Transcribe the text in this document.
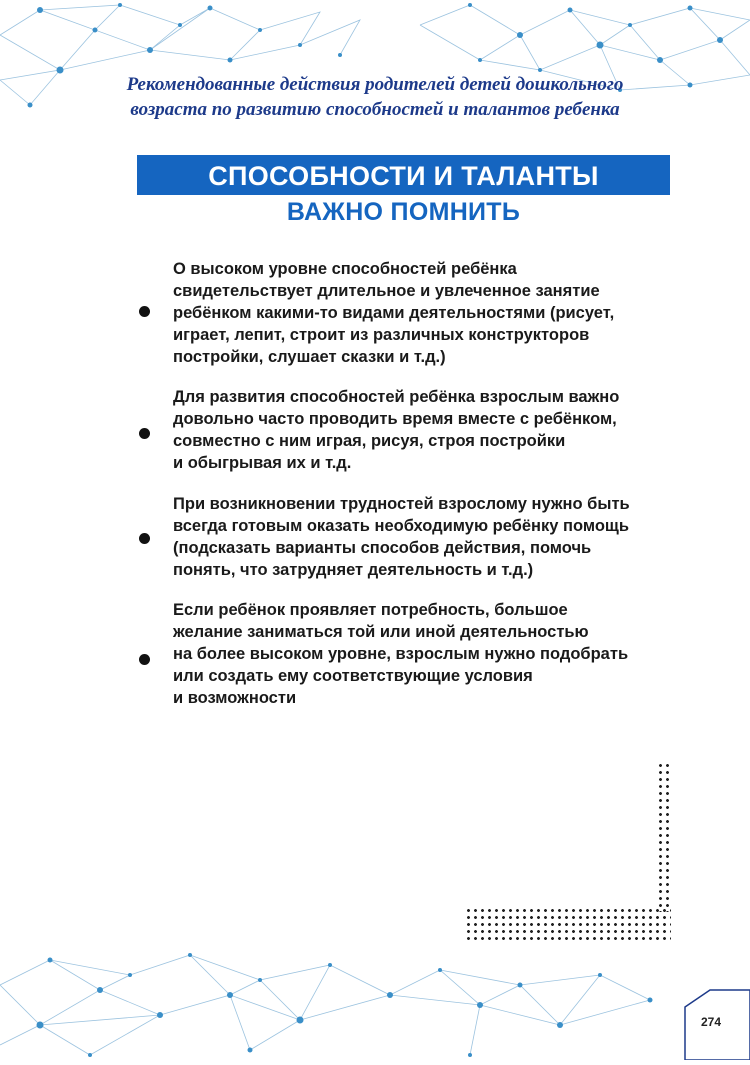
Рекомендованные действия родителей детей дошкольного
возраста по развитию способностей и талантов ребенка
СПОСОБНОСТИ И ТАЛАНТЫ
ВАЖНО ПОМНИТЬ
О высоком уровне способностей ребёнка
свидетельствует длительное и увлеченное занятие
ребёнком какими-то видами деятельностями (рисует,
играет, лепит, строит из различных конструкторов
постройки, слушает сказки и т.д.)
Для развития способностей ребёнка взрослым важно
довольно часто проводить время вместе с ребёнком,
совместно с ним играя, рисуя, строя постройки
и обыгрывая их и т.д.
При возникновении трудностей взрослому нужно быть
всегда готовым оказать необходимую ребёнку помощь
(подсказать варианты способов действия, помочь
понять, что затрудняет деятельность и т.д.)
Если ребёнок проявляет потребность, большое
желание заниматься той или иной деятельностью
на более высоком уровне, взрослым нужно подобрать
или создать ему соответствующие условия
и возможности
274
